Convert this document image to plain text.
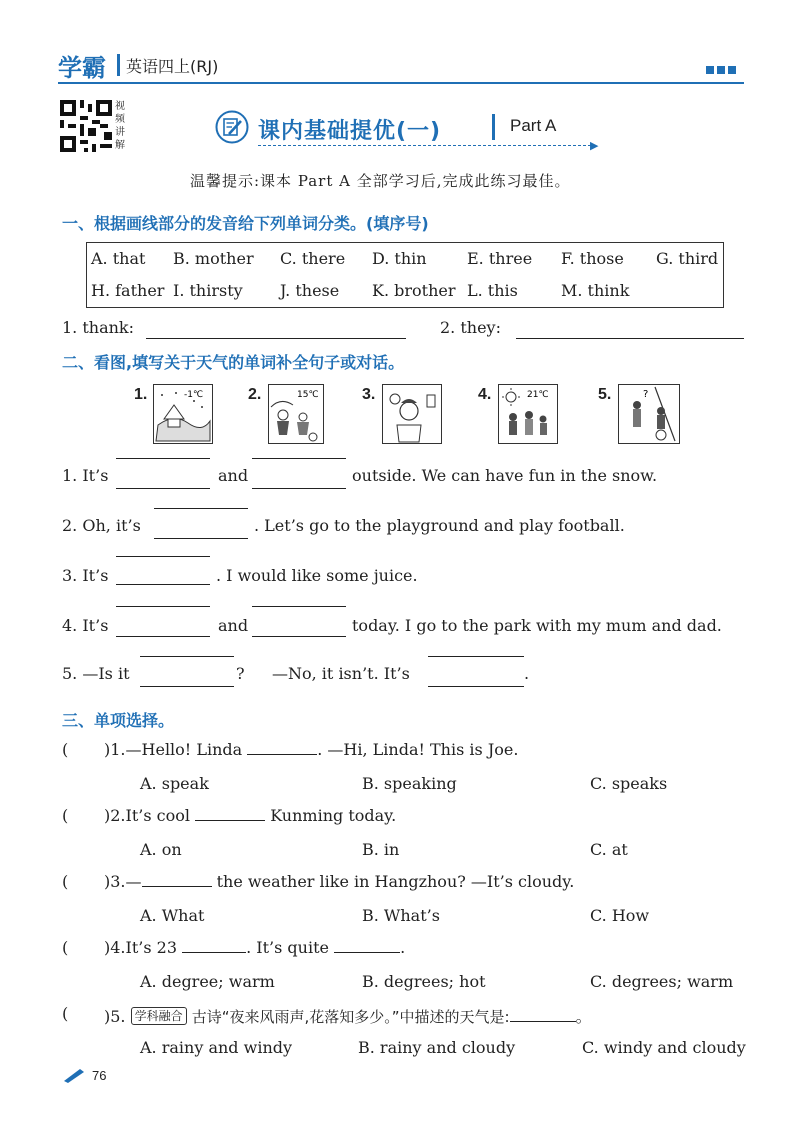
学霸 英语四上(RJ)
视频讲解
课内基础提优(一)	Part A
▶
温馨提示:课本 Part A 全部学习后,完成此练习最佳。
一、根据画线部分的发音给下列单词分类。(填序号)
A. that B. mother C. there D. thin	E. three F. those G. third
H. father I. thirsty J. these K. brother L. this	M. think
1. thank:	2. they:
二、看图,填写关于天气的单词补全句子或对话。
1.	-1℃	2.	15℃	3.	4.	21℃	5.	?
1. It’s	and	outside. We can have fun in the snow.
2. Oh, it’s	. Let’s go to the playground and play football.
3. It’s	. I would like some juice.
4. It’s	and	today. I go to the park with my mum and dad.
5. —Is it	? —No, it isn’t. It’s	.
三、单项选择。
( )1.—Hello! Linda	. —Hi, Linda! This is Joe.
A. speak	B. speaking	C. speaks
( )2.It’s cool	Kunming today.
A. on	B. in	C. at
( )3.—	the weather like in Hangzhou? —It’s cloudy.
A. What	B. What’s	C. How
( )4.It’s 23	. It’s quite	.
A. degree; warm	B. degrees; hot	C. degrees; warm
( )5. 学科融合 古诗“夜来风雨声,花落知多少。”中描述的天气是:	。
A. rainy and windy	B. rainy and cloudy	C. windy and cloudy
76
